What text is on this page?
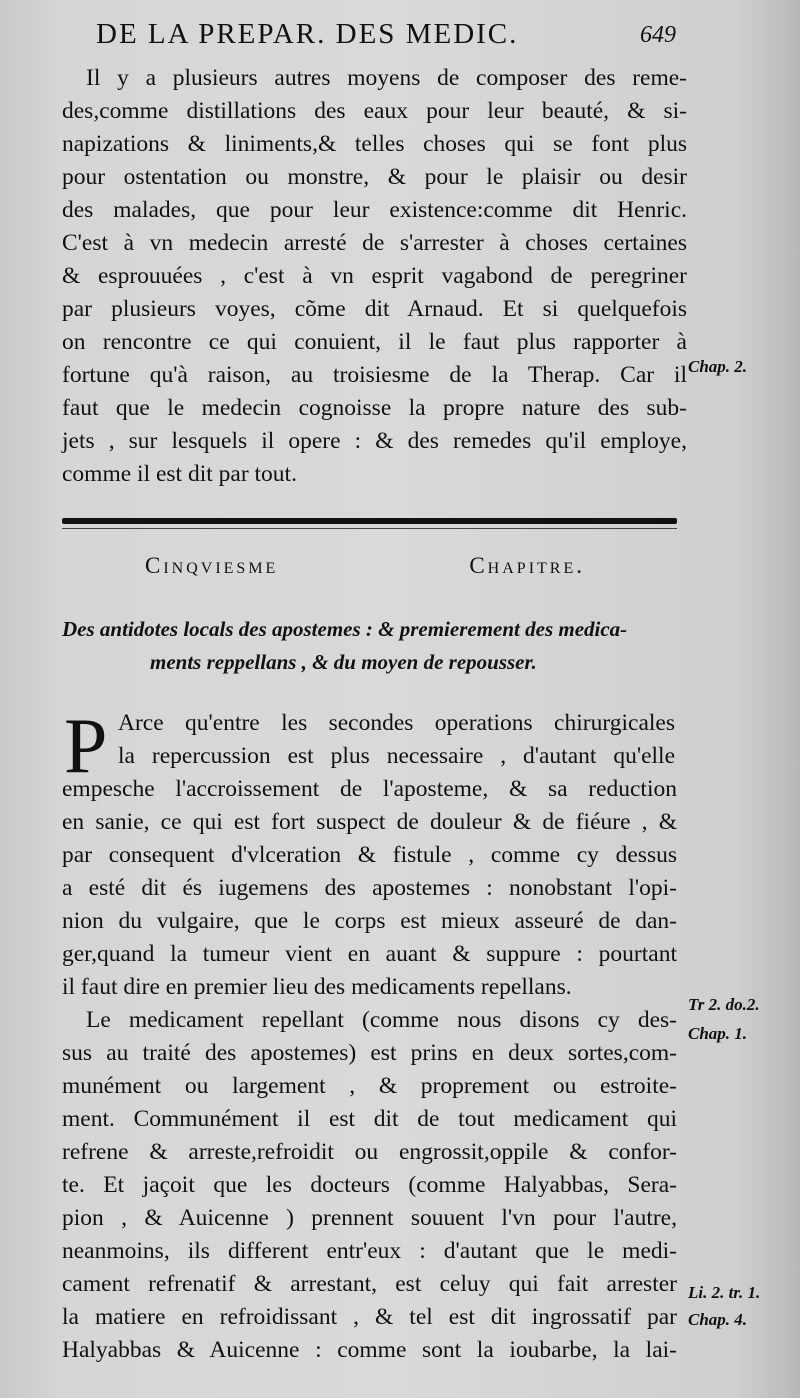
DE LA PREPAR. DES MEDIC.	649
Il y a plusieurs autres moyens de composer des reme-
des,comme distillations des eaux pour leur beauté, & si-
napizations & liniments,& telles choses qui se font plus
pour ostentation ou monstre, & pour le plaisir ou desir
des malades, que pour leur existence:comme dit Henric.
C'est à vn medecin arresté de s'arrester à choses certaines
& esprouuées , c'est à vn esprit vagabond de peregriner
par plusieurs voyes, cõme dit Arnaud. Et si quelquefois
on rencontre ce qui conuient, il le faut plus rapporter à
fortune qu'à raison, au troisiesme de la Therap. Car il
faut que le medecin cognoisse la propre nature des sub-
jets , sur lesquels il opere : & des remedes qu'il employe,
comme il est dit par tout.
Chap. 2.
Cinqviesme	Chapitre.
Des antidotes locals des apostemes : & premierement des medica-
ments reppellans , & du moyen de repousser.
P Arce qu'entre les secondes operations chirurgicales
la repercussion est plus necessaire , d'autant qu'elle
empesche l'accroissement de l'aposteme, & sa reduction
en sanie, ce qui est fort suspect de douleur & de fiéure , &
par consequent d'vlceration & fistule , comme cy dessus
a esté dit és iugemens des apostemes : nonobstant l'opi-
nion du vulgaire, que le corps est mieux asseuré de dan-
ger,quand la tumeur vient en auant & suppure : pourtant
il faut dire en premier lieu des medicaments repellans.
Le medicament repellant (comme nous disons cy des-
sus au traité des apostemes) est prins en deux sortes,com-
munément ou largement , & proprement ou estroite-
ment. Communément il est dit de tout medicament qui
refrene & arreste,refroidit ou engrossit,oppile & confor-
te. Et jaçoit que les docteurs (comme Halyabbas, Sera-
pion , & Auicenne ) prennent souuent l'vn pour l'autre,
neanmoins, ils different entr'eux : d'autant que le medi-
cament refrenatif & arrestant, est celuy qui fait arrester
la matiere en refroidissant , & tel est dit ingrossatif par
Halyabbas & Auicenne : comme sont la ioubarbe, la lai-
Tr 2. do.2.
Chap. 1.
Li. 2. tr. 1.
Chap. 4.
